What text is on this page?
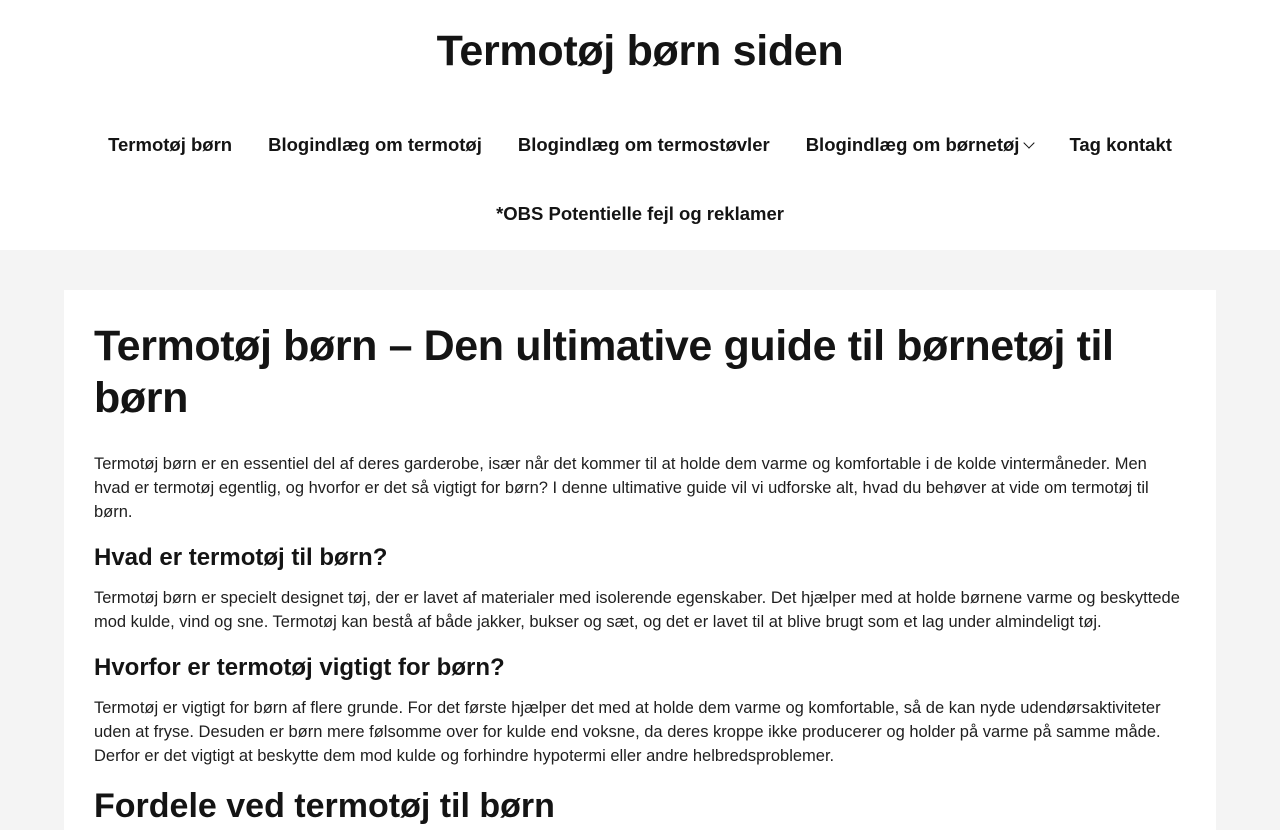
Termotøj børn siden
Termotøj børn Blogindlæg om termotøj Blogindlæg om termostøvler Blogindlæg om børnetøj	Tag kontakt
*OBS Potentielle fejl og reklamer
Termotøj børn – Den ultimative guide til børnetøj til børn

Termotøj børn er en essentiel del af deres garderobe, især når det kommer til at holde dem varme og komfortable i de kolde vintermåneder. Men hvad er termotøj egentlig, og hvorfor er det så vigtigt for børn? I denne ultimative guide vil vi udforske alt, hvad du behøver at vide om termotøj til børn.

Hvad er termotøj til børn?

Termotøj børn er specielt designet tøj, der er lavet af materialer med isolerende egenskaber. Det hjælper med at holde børnene varme og beskyttede mod kulde, vind og sne. Termotøj kan bestå af både jakker, bukser og sæt, og det er lavet til at blive brugt som et lag under almindeligt tøj.

Hvorfor er termotøj vigtigt for børn?

Termotøj er vigtigt for børn af flere grunde. For det første hjælper det med at holde dem varme og komfortable, så de kan nyde udendørsaktiviteter uden at fryse. Desuden er børn mere følsomme over for kulde end voksne, da deres kroppe ikke producerer og holder på varme på samme måde. Derfor er det vigtigt at beskytte dem mod kulde og forhindre hypotermi eller andre helbredsproblemer.

Fordele ved termotøj til børn
